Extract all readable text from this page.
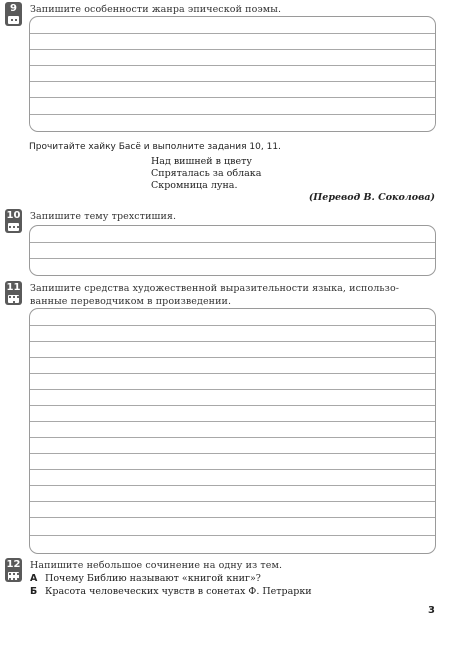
9	Запишите особенности жанра эпической поэмы.
Прочитайте хайку Басё и выполните задания 10, 11.
Над вишней в цвету
Спряталась за облака
Скромница луна.
(Перевод В. Соколова)
10 Запишите тему трехстишия.
11 Запишите средства художественной выразительности языка, использо-
ванные переводчиком в произведении.
12 Напишите небольшое сочинение на одну из тем.
А Почему Библию называют «книгой книг»?
Б Красота человеческих чувств в сонетах Ф. Петрарки
3
